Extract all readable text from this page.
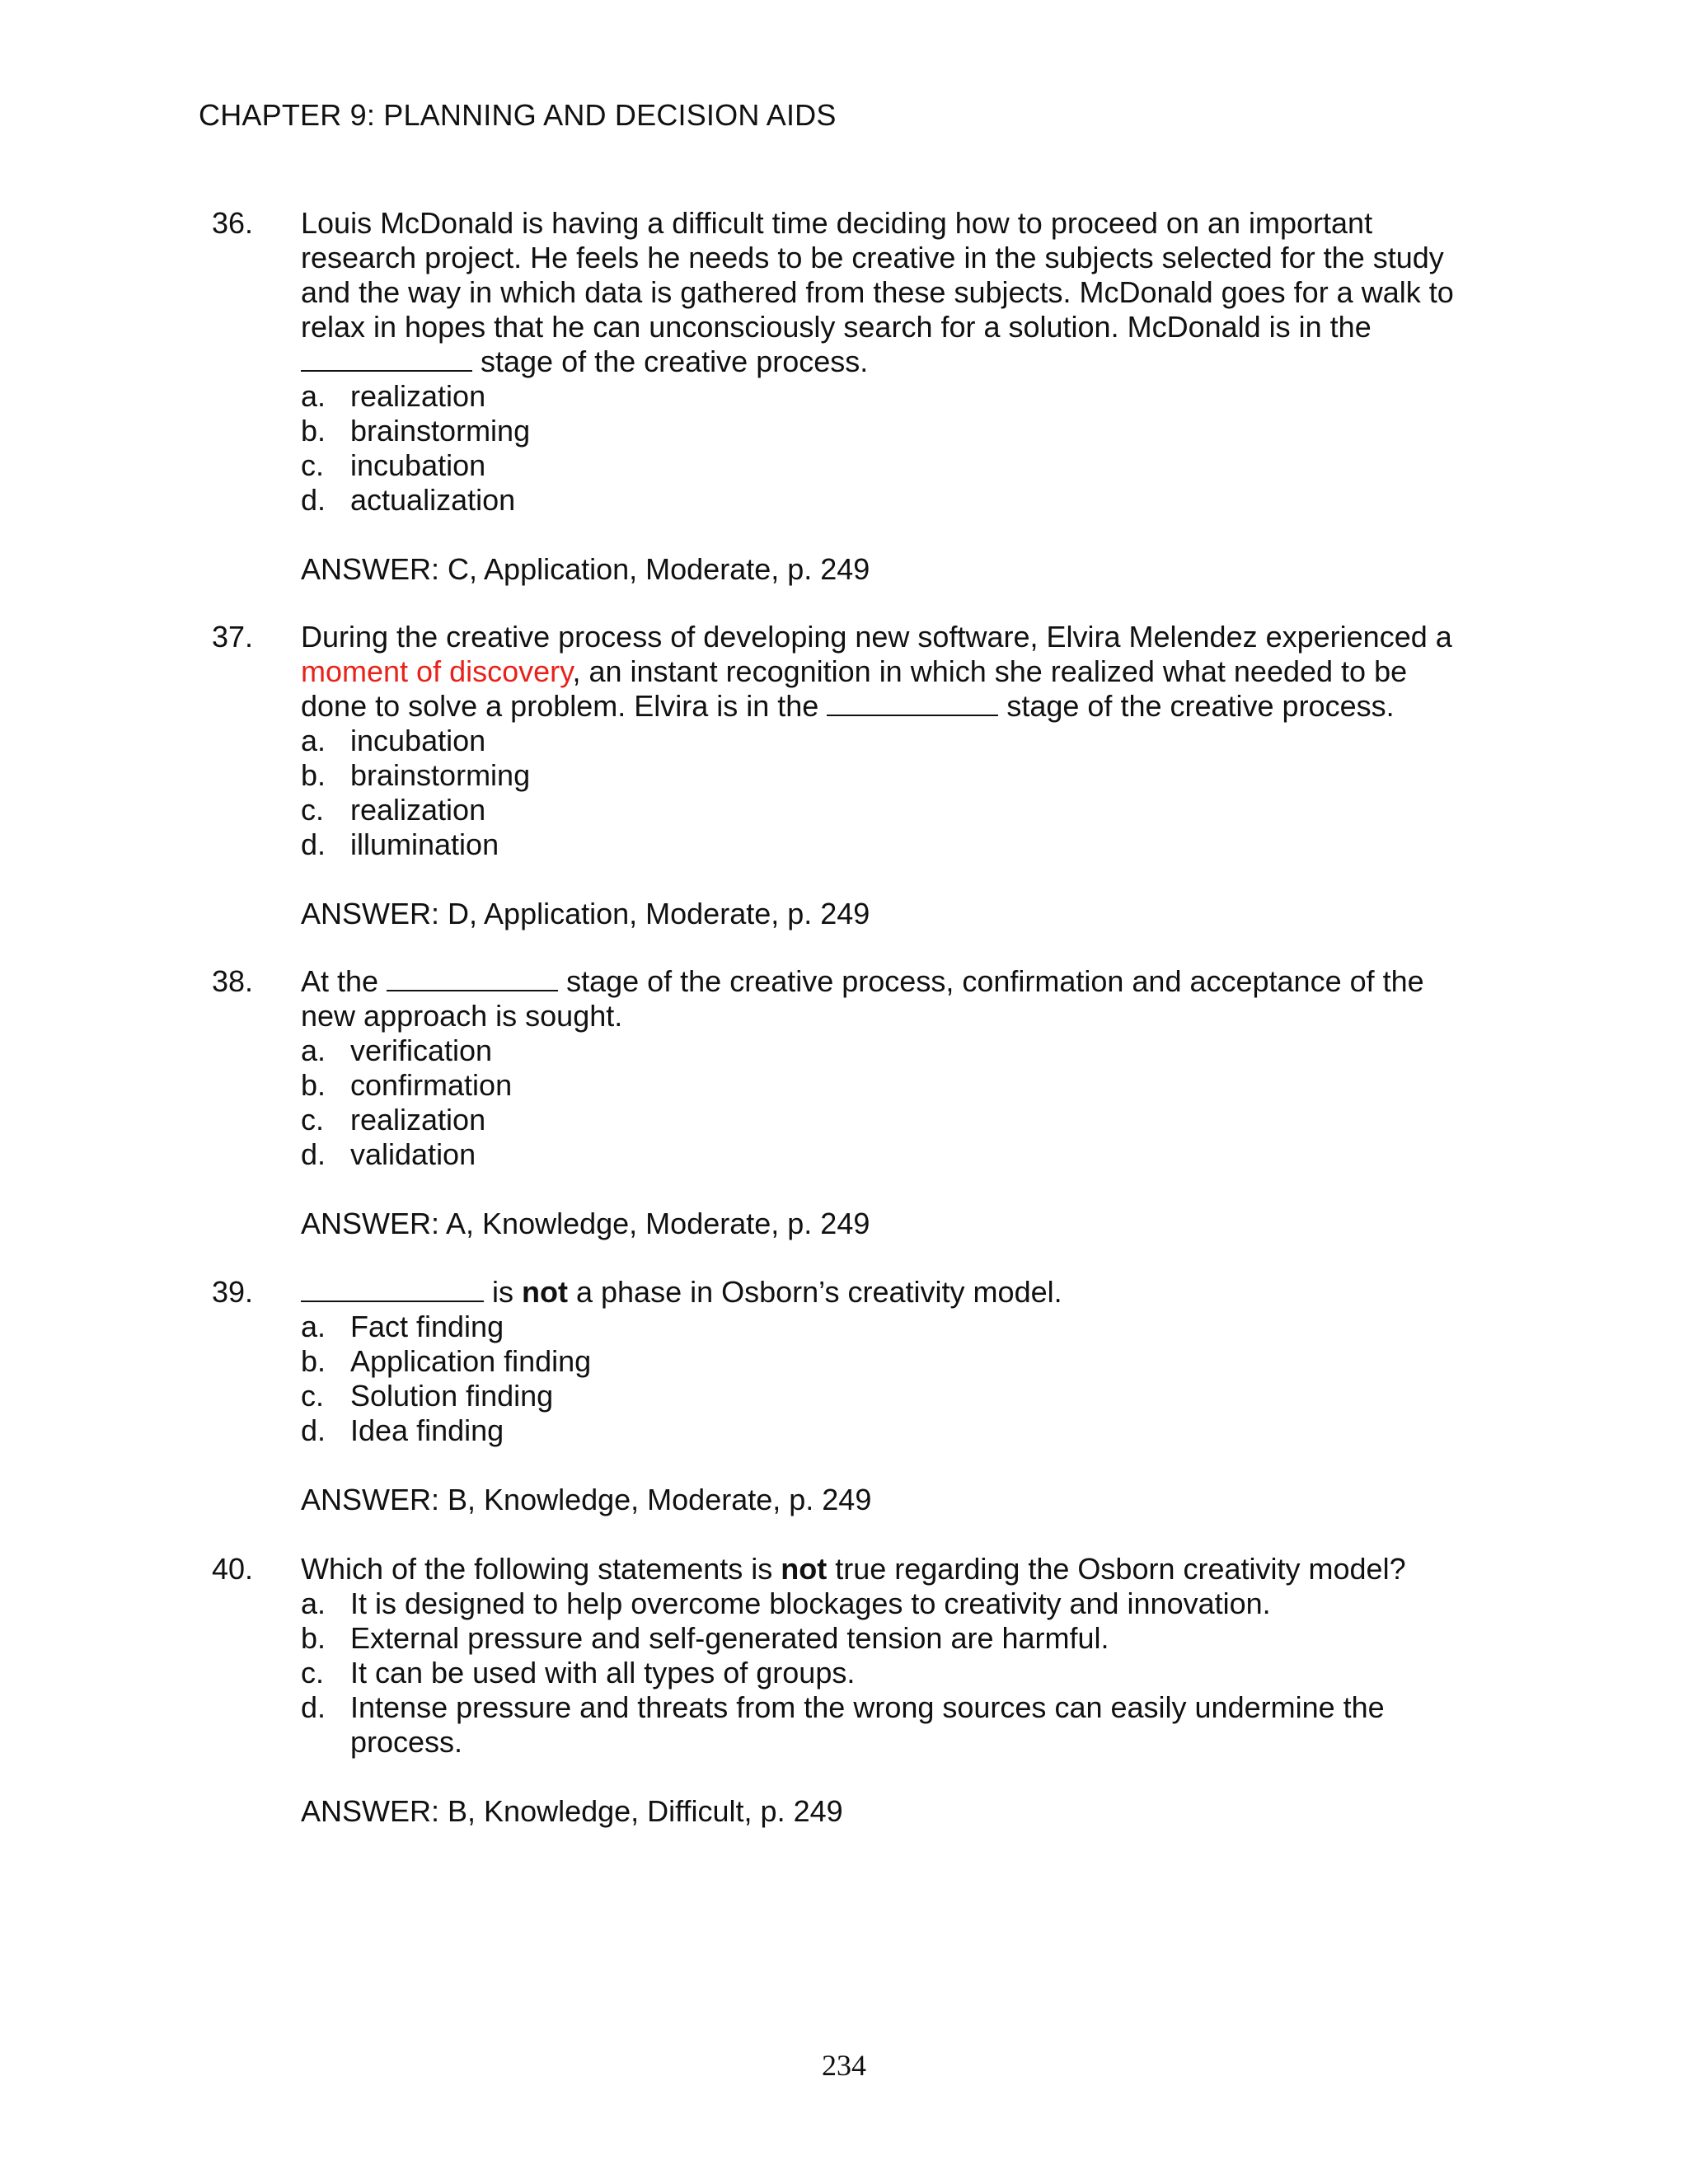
CHAPTER 9: PLANNING AND DECISION AIDS
36. Louis McDonald is having a difficult time deciding how to proceed on an important
research project. He feels he needs to be creative in the subjects selected for the study
and the way in which data is gathered from these subjects. McDonald goes for a walk to
relax in hopes that he can unconsciously search for a solution. McDonald is in the
stage of the creative process.
a. realization
b. brainstorming
c. incubation
d. actualization
ANSWER: C, Application, Moderate, p. 249
37. During the creative process of developing new software, Elvira Melendez experienced a
moment of discovery, an instant recognition in which she realized what needed to be
done to solve a problem. Elvira is in the	stage of the creative process.
a. incubation
b. brainstorming
c. realization
d. illumination
ANSWER: D, Application, Moderate, p. 249
38. At the	stage of the creative process, confirmation and acceptance of the
new approach is sought.
a. verification
b. confirmation
c. realization
d. validation
ANSWER: A, Knowledge, Moderate, p. 249
39.	is not a phase in Osborn’s creativity model.
a. Fact finding
b. Application finding
c. Solution finding
d. Idea finding
ANSWER: B, Knowledge, Moderate, p. 249
40. Which of the following statements is not true regarding the Osborn creativity model?
a. It is designed to help overcome blockages to creativity and innovation.
b. External pressure and self-generated tension are harmful.
c. It can be used with all types of groups.
d. Intense pressure and threats from the wrong sources can easily undermine the
process.
ANSWER: B, Knowledge, Difficult, p. 249
234
